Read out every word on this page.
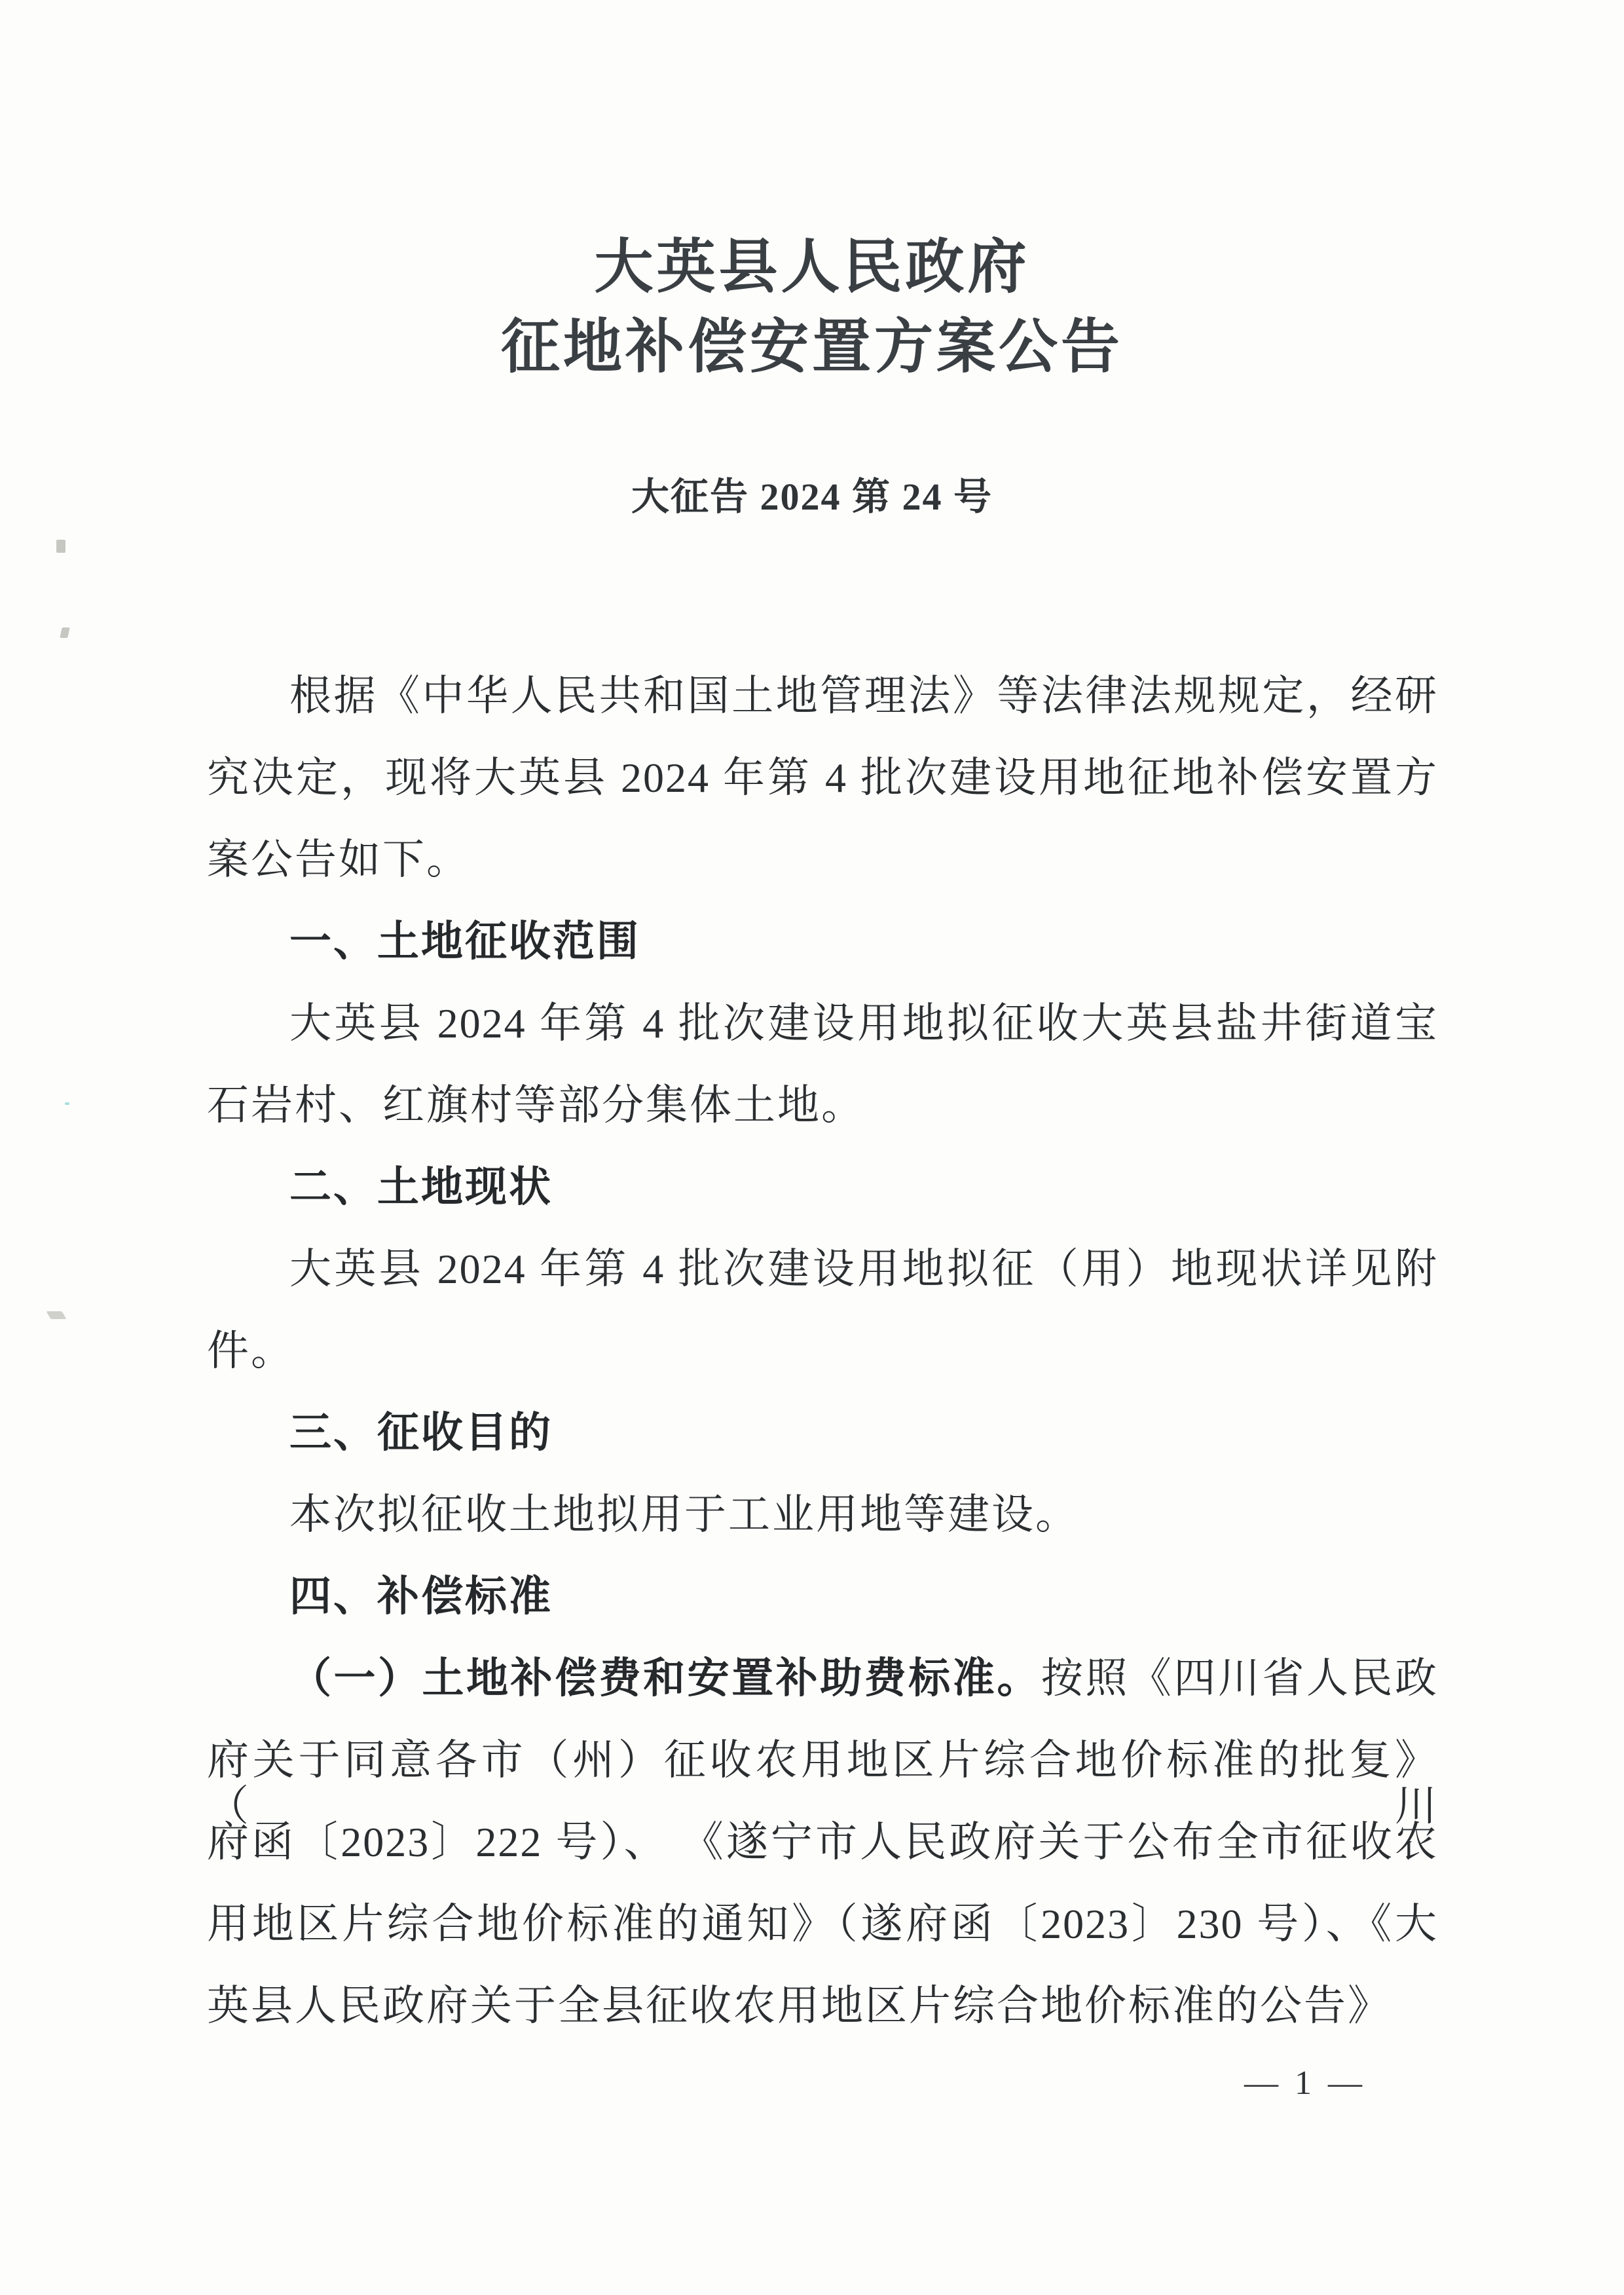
大英县人民政府
征地补偿安置方案公告
大征告 2024 第 24 号
根据《中华人民共和国土地管理法》等法律法规规定，经研
究决定，现将大英县 2024 年第 4 批次建设用地征地补偿安置方
案公告如下。
一、土地征收范围
大英县 2024 年第 4 批次建设用地拟征收大英县盐井街道宝
石岩村、红旗村等部分集体土地。
二、土地现状
大英县 2024 年第 4 批次建设用地拟征（用）地现状详见附
件。
三、征收目的
本次拟征收土地拟用于工业用地等建设。
四、补偿标准
（一）土地补偿费和安置补助费标准。按照《四川省人民政
府关于同意各市（州）征收农用地区片综合地价标准的批复》（川
府函〔2023〕222 号）、 《遂宁市人民政府关于公布全市征收农
用地区片综合地价标准的通知》（遂府函〔2023〕230 号）、《大
英县人民政府关于全县征收农用地区片综合地价标准的公告》
— 1 —
